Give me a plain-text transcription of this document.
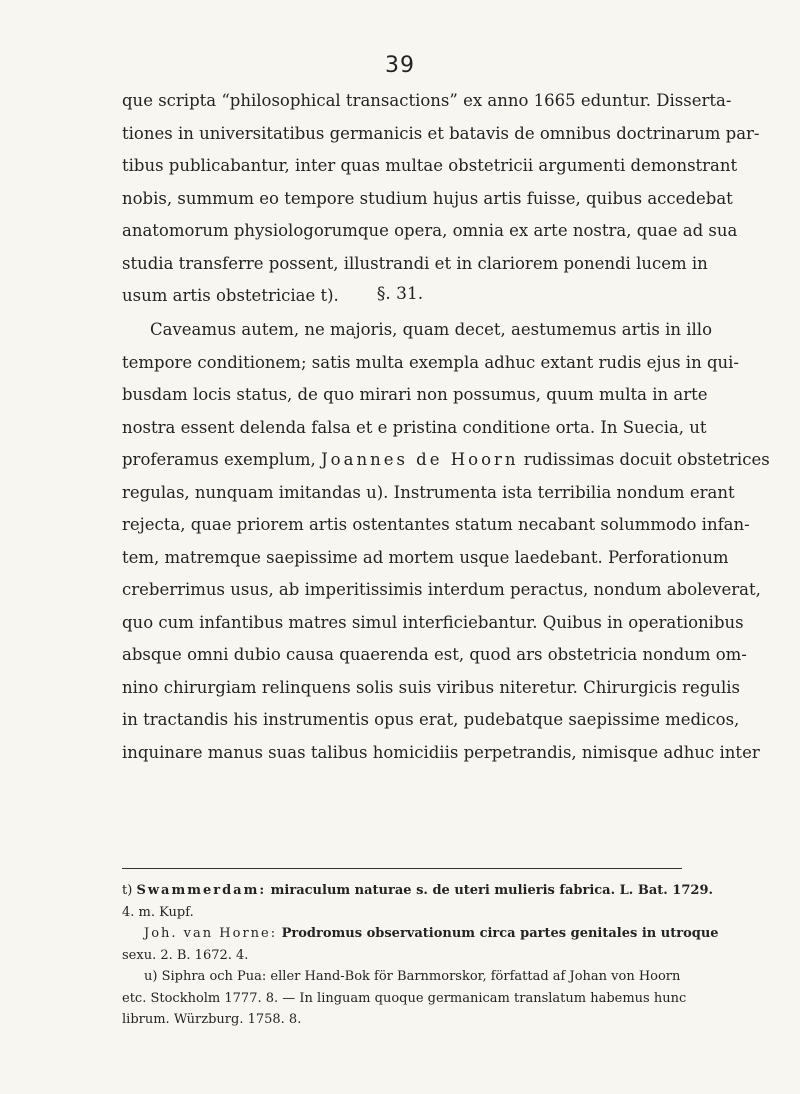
39
que scripta “philosophical transactions” ex anno 1665 eduntur. Disserta-
tiones in universitatibus germanicis et batavis de omnibus doctrinarum par-
tibus publicabantur, inter quas multae obstetricii argumenti demonstrant
nobis, summum eo tempore studium hujus artis fuisse, quibus accedebat
anatomorum physiologorumque opera, omnia ex arte nostra, quae ad sua
studia transferre possent, illustrandi et in clariorem ponendi lucem in
usum artis obstetriciae t).	§. 31.
Caveamus autem, ne majoris, quam decet, aestumemus artis in illo
tempore conditionem; satis multa exempla adhuc extant rudis ejus in qui-
busdam locis status, de quo mirari non possumus, quum multa in arte
nostra essent delenda falsa et e pristina conditione orta. In Suecia, ut
proferamus exemplum, Joannes de Hoorn rudissimas docuit obstetrices
regulas, nunquam imitandas u). Instrumenta ista terribilia nondum erant
rejecta, quae priorem artis ostentantes statum necabant solummodo infan-
tem, matremque saepissime ad mortem usque laedebant. Perforationum
creberrimus usus, ab imperitissimis interdum peractus, nondum aboleverat,
quo cum infantibus matres simul interficiebantur. Quibus in operationibus
absque omni dubio causa quaerenda est, quod ars obstetricia nondum om-
nino chirurgiam relinquens solis suis viribus niteretur. Chirurgicis regulis
in tractandis his instrumentis opus erat, pudebatque saepissime medicos,
inquinare manus suas talibus homicidiis perpetrandis, nimisque adhuc inter
t) Swammerdam: miraculum naturae s. de uteri mulieris fabrica. L. Bat. 1729.
4. m. Kupf.
Joh. van Horne: Prodromus observationum circa partes genitales in utroque
sexu. 2. B. 1672. 4.
u) Siphra och Pua: eller Hand-Bok för Barnmorskor, författad af Johan von Hoorn
etc. Stockholm 1777. 8. — In linguam quoque germanicam translatum habemus hunc
librum. Würzburg. 1758. 8.
